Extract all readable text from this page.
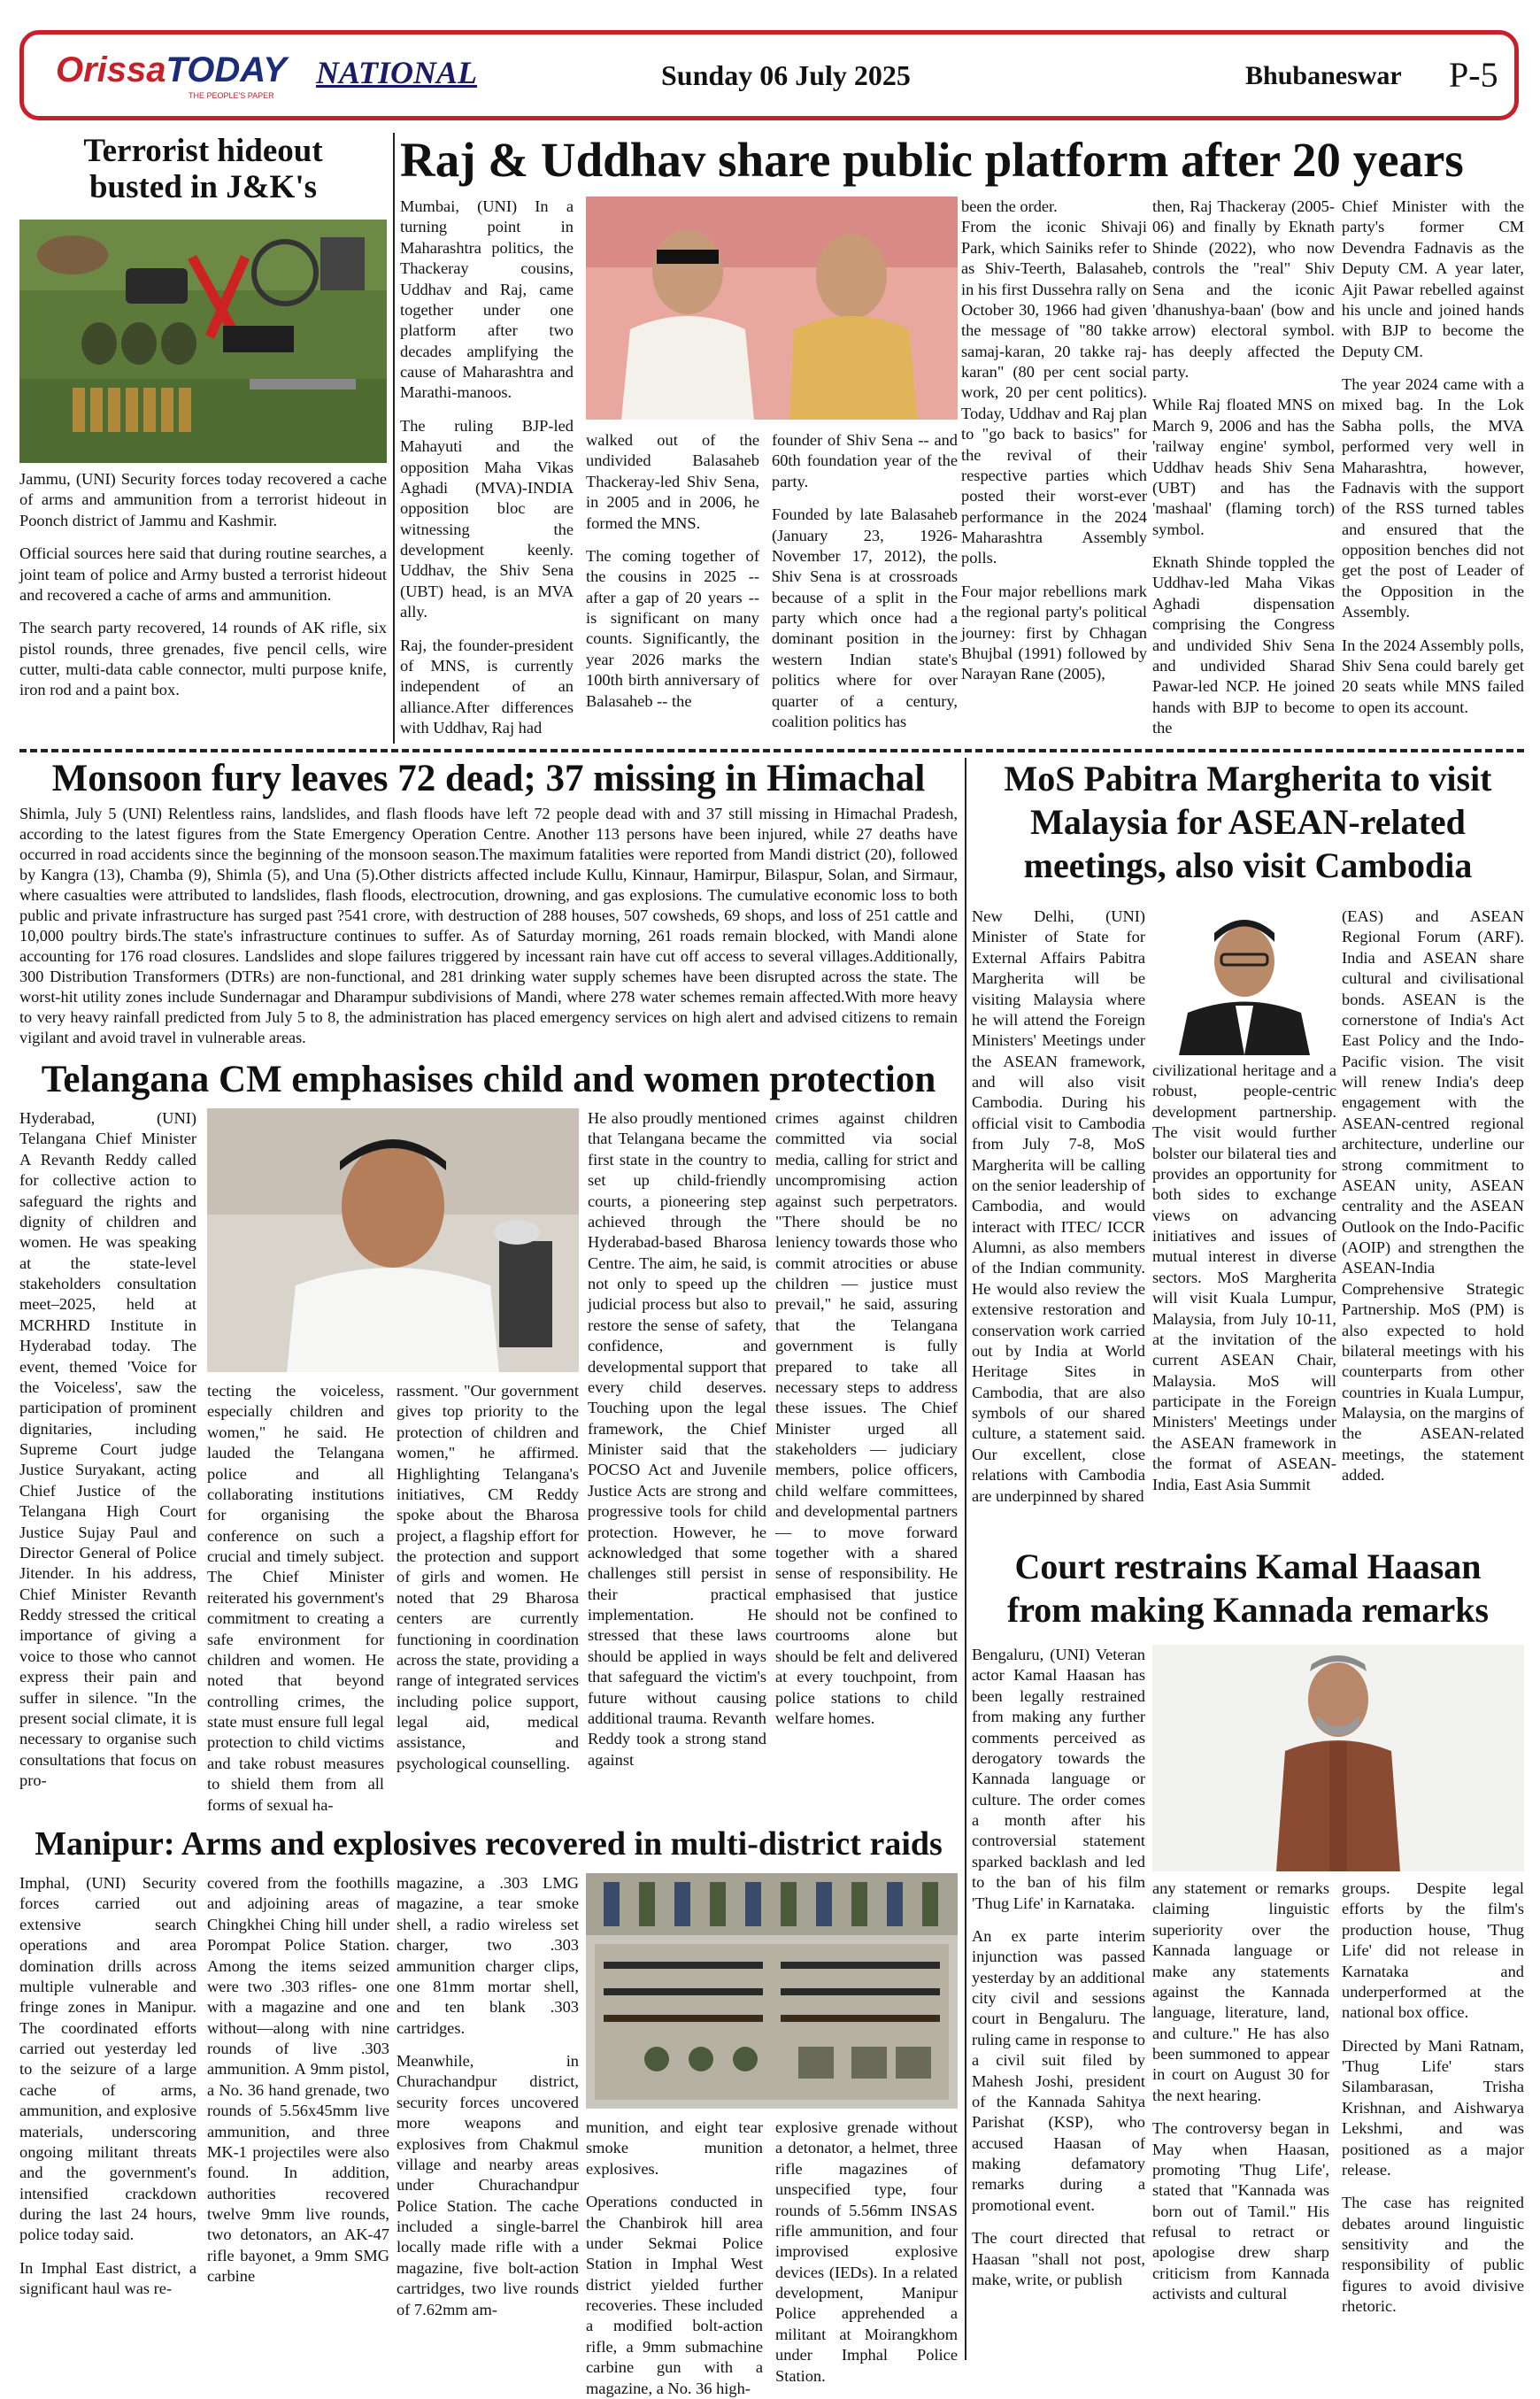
OrissaTODAY
THE PEOPLE'S PAPER
NATIONAL	Sunday 06 July 2025	Bhubaneswar P-5
Terrorist hideout
busted in J&K's

Jammu, (UNI) Security forces today recovered a cache of arms and ammunition from a terrorist hideout in Poonch district of Jammu and Kashmir.

Official sources here said that during routine searches, a joint team of police and Army busted a terrorist hideout and recovered a cache of arms and ammunition.

The search party recovered, 14 rounds of AK rifle, six pistol rounds, three grenades, five pencil cells, wire cutter, multi-data cable connector, multi purpose knife, iron rod and a paint box.

Raj & Uddhav share public platform after 20 years

Mumbai, (UNI) In a turning point in Maharashtra politics, the Thackeray cousins, Uddhav and Raj, came together under one platform after two decades amplifying the cause of Maharashtra and Marathi-manoos.

The ruling BJP-led Mahayuti and the opposition Maha Vikas Aghadi (MVA)-INDIA opposition bloc are witnessing the development keenly. Uddhav, the Shiv Sena (UBT) head, is an MVA ally.

Raj, the founder-president of MNS, is currently independent of an alliance.After differences with Uddhav, Raj had

walked out of the undivided Balasaheb Thackeray-led Shiv Sena, in 2005 and in 2006, he formed the MNS.

The coming together of the cousins in 2025 -- after a gap of 20 years -- is significant on many counts. Significantly, the year 2026 marks the 100th birth anniversary of Balasaheb -- the

founder of Shiv Sena -- and 60th foundation year of the party.

Founded by late Balasaheb (January 23, 1926-November 17, 2012), the Shiv Sena is at crossroads because of a split in the party which once had a dominant position in the western Indian state's politics where for over quarter of a century, coalition politics has

been the order.

From the iconic Shivaji Park, which Sainiks refer to as Shiv-Teerth, Balasaheb, in his first Dussehra rally on October 30, 1966 had given the message of "80 takke samaj-karan, 20 takke raj-karan" (80 per cent social work, 20 per cent politics). Today, Uddhav and Raj plan to "go back to basics" for the revival of their respective parties which posted their worst-ever performance in the 2024 Maharashtra Assembly polls.

Four major rebellions mark the regional party's political journey: first by Chhagan Bhujbal (1991) followed by Narayan Rane (2005),

then, Raj Thackeray (2005-06) and finally by Eknath Shinde (2022), who now controls the "real" Shiv Sena and the iconic 'dhanushya-baan' (bow and arrow) electoral symbol. has deeply affected the party.

While Raj floated MNS on March 9, 2006 and has the 'railway engine' symbol, Uddhav heads Shiv Sena (UBT) and has the 'mashaal' (flaming torch) symbol.

Eknath Shinde toppled the Uddhav-led Maha Vikas Aghadi dispensation comprising the Congress and undivided Shiv Sena and undivided Sharad Pawar-led NCP. He joined hands with BJP to become the

Chief Minister with the party's former CM Devendra Fadnavis as the Deputy CM. A year later, Ajit Pawar rebelled against his uncle and joined hands with BJP to become the Deputy CM.

The year 2024 came with a mixed bag. In the Lok Sabha polls, the MVA performed very well in Maharashtra, however, Fadnavis with the support of the RSS turned tables and ensured that the opposition benches did not get the post of Leader of the Opposition in the Assembly.

In the 2024 Assembly polls, Shiv Sena could barely get 20 seats while MNS failed to open its account.

Monsoon fury leaves 72 dead; 37 missing in Himachal
Shimla, July 5 (UNI) Relentless rains, landslides, and flash floods have left 72 people dead with and 37 still missing in Himachal Pradesh, according to the latest figures from the State Emergency Operation Centre. Another 113 persons have been injured, while 27 deaths have occurred in road accidents since the beginning of the monsoon season.The maximum fatalities were reported from Mandi district (20), followed by Kangra (13), Chamba (9), Shimla (5), and Una (5).Other districts affected include Kullu, Kinnaur, Hamirpur, Bilaspur, Solan, and Sirmaur, where casualties were attributed to landslides, flash floods, electrocution, drowning, and gas explosions. The cumulative economic loss to both public and private infrastructure has surged past ?541 crore, with destruction of 288 houses, 507 cowsheds, 69 shops, and loss of 251 cattle and 10,000 poultry birds.The state's infrastructure continues to suffer. As of Saturday morning, 261 roads remain blocked, with Mandi alone accounting for 176 road closures. Landslides and slope failures triggered by incessant rain have cut off access to several villages.Additionally, 300 Distribution Transformers (DTRs) are non-functional, and 281 drinking water supply schemes have been disrupted across the state. The worst-hit utility zones include Sundernagar and Dharampur subdivisions of Mandi, where 278 water schemes remain affected.With more heavy to very heavy rainfall predicted from July 5 to 8, the administration has placed emergency services on high alert and advised citizens to remain vigilant and avoid travel in vulnerable areas.
Telangana CM emphasises child and women protection
Hyderabad, (UNI) Telangana Chief Minister A Revanth Reddy called for collective action to safeguard the rights and dignity of children and women. He was speaking at the state-level stakeholders consultation meet–2025, held at MCRHRD Institute in Hyderabad today. The event, themed 'Voice for the Voiceless', saw the participation of prominent dignitaries, including Supreme Court judge Justice Suryakant, acting Chief Justice of the Telangana High Court Justice Sujay Paul and Director General of Police Jitender. In his address, Chief Minister Revanth Reddy stressed the critical importance of giving a voice to those who cannot express their pain and suffer in silence. "In the present social climate, it is necessary to organise such consultations that focus on pro-
tecting the voiceless, especially children and women," he said. He lauded the Telangana police and all collaborating institutions for organising the conference on such a crucial and timely subject. The Chief Minister reiterated his government's commitment to creating a safe environment for children and women. He noted that beyond controlling crimes, the state must ensure full legal protection to child victims and take robust measures to shield them from all forms of sexual ha-
rassment. "Our government gives top priority to the protection of children and women," he affirmed. Highlighting Telangana's initiatives, CM Reddy spoke about the Bharosa project, a flagship effort for the protection and support of girls and women. He noted that 29 Bharosa centers are currently functioning in coordination across the state, providing a range of integrated services including police support, legal aid, medical assistance, and psychological counselling.
He also proudly mentioned that Telangana became the first state in the country to set up child-friendly courts, a pioneering step achieved through the Hyderabad-based Bharosa Centre. The aim, he said, is not only to speed up the judicial process but also to restore the sense of safety, confidence, and developmental support that every child deserves. Touching upon the legal framework, the Chief Minister said that the POCSO Act and Juvenile Justice Acts are strong and progressive tools for child protection. However, he acknowledged that some challenges still persist in their practical implementation. He stressed that these laws should be applied in ways that safeguard the victim's future without causing additional trauma. Revanth Reddy took a strong stand against
crimes against children committed via social media, calling for strict and uncompromising action against such perpetrators. "There should be no leniency towards those who commit atrocities or abuse children — justice must prevail," he said, assuring that the Telangana government is fully prepared to take all necessary steps to address these issues. The Chief Minister urged all stakeholders — judiciary members, police officers, child welfare committees, and developmental partners — to move forward together with a shared sense of responsibility. He emphasised that justice should not be confined to courtrooms alone but should be felt and delivered at every touchpoint, from police stations to child welfare homes.
MoS Pabitra Margherita to visit
Malaysia for ASEAN-related
meetings, also visit Cambodia
New Delhi, (UNI) Minister of State for External Affairs Pabitra Margherita will be visiting Malaysia where he will attend the Foreign Ministers' Meetings under the ASEAN framework, and will also visit Cambodia. During his official visit to Cambodia from July 7-8, MoS Margherita will be calling on the senior leadership of Cambodia, and would interact with ITEC/ ICCR Alumni, as also members of the Indian community. He would also review the extensive restoration and conservation work carried out by India at World Heritage Sites in Cambodia, that are also symbols of our shared culture, a statement said. Our excellent, close relations with Cambodia are underpinned by shared
civilizational heritage and a robust, people-centric development partnership. The visit would further bolster our bilateral ties and provides an opportunity for both sides to exchange views on advancing initiatives and issues of mutual interest in diverse sectors. MoS Margherita will visit Kuala Lumpur, Malaysia, from July 10-11, at the invitation of the current ASEAN Chair, Malaysia. MoS will participate in the Foreign Ministers' Meetings under the ASEAN framework in the format of ASEAN-India, East Asia Summit
(EAS) and ASEAN Regional Forum (ARF). India and ASEAN share cultural and civilisational bonds. ASEAN is the cornerstone of India's Act East Policy and the Indo-Pacific vision. The visit will renew India's deep engagement with the ASEAN-centred regional architecture, underline our strong commitment to ASEAN unity, ASEAN centrality and the ASEAN Outlook on the Indo-Pacific (AOIP) and strengthen the ASEAN-India Comprehensive Strategic Partnership. MoS (PM) is also expected to hold bilateral meetings with his counterparts from other countries in Kuala Lumpur, Malaysia, on the margins of the ASEAN-related meetings, the statement added.
Court restrains Kamal Haasan
from making Kannada remarks

Bengaluru, (UNI) Veteran actor Kamal Haasan has been legally restrained from making any further comments perceived as derogatory towards the Kannada language or culture. The order comes a month after his controversial statement sparked backlash and led to the ban of his film 'Thug Life' in Karnataka.

An ex parte interim injunction was passed yesterday by an additional city civil and sessions court in Bengaluru. The ruling came in response to a civil suit filed by Mahesh Joshi, president of the Kannada Sahitya Parishat (KSP), who accused Haasan of making defamatory remarks during a promotional event.

The court directed that Haasan "shall not post, make, write, or publish

any statement or remarks claiming linguistic superiority over the Kannada language or make any statements against the Kannada language, literature, land, and culture." He has also been summoned to appear in court on August 30 for the next hearing.

The controversy began in May when Haasan, promoting 'Thug Life', stated that "Kannada was born out of Tamil." His refusal to retract or apologise drew sharp criticism from Kannada activists and cultural

groups. Despite legal efforts by the film's production house, 'Thug Life' did not release in Karnataka and underperformed at the national box office.

Directed by Mani Ratnam, 'Thug Life' stars Silambarasan, Trisha Krishnan, and Aishwarya Lekshmi, and was positioned as a major release.

The case has reignited debates around linguistic sensitivity and the responsibility of public figures to avoid divisive rhetoric.

Manipur: Arms and explosives recovered in multi-district raids

Imphal, (UNI) Security forces carried out extensive search operations and area domination drills across multiple vulnerable and fringe zones in Manipur. The coordinated efforts carried out yesterday led to the seizure of a large cache of arms, ammunition, and explosive materials, underscoring ongoing militant threats and the government's intensified crackdown during the last 24 hours, police today said.

In Imphal East district, a significant haul was re-

covered from the foothills and adjoining areas of Chingkhei Ching hill under Porompat Police Station. Among the items seized were two .303 rifles- one with a magazine and one without—along with nine rounds of live .303 ammunition. A 9mm pistol, a No. 36 hand grenade, two rounds of 5.56x45mm live ammunition, and three MK-1 projectiles were also found. In addition, authorities recovered twelve 9mm live rounds, two detonators, an AK-47 rifle bayonet, a 9mm SMG carbine

magazine, a .303 LMG magazine, a tear smoke shell, a radio wireless set charger, two .303 ammunition charger clips, one 81mm mortar shell, and ten blank .303 cartridges.

Meanwhile, in Churachandpur district, security forces uncovered more weapons and explosives from Chakmul village and nearby areas under Churachandpur Police Station. The cache included a single-barrel locally made rifle with a magazine, five bolt-action cartridges, two live rounds of 7.62mm am-

munition, and eight tear smoke munition explosives.

Operations conducted in the Chanbirok hill area under Sekmai Police Station in Imphal West district yielded further recoveries. These included a modified bolt-action rifle, a 9mm submachine carbine gun with a magazine, a No. 36 high-

explosive grenade without a detonator, a helmet, three rifle magazines of unspecified type, four rounds of 5.56mm INSAS rifle ammunition, and four improvised explosive devices (IEDs). In a related development, Manipur Police apprehended a militant at Moirangkhom under Imphal Police Station.
